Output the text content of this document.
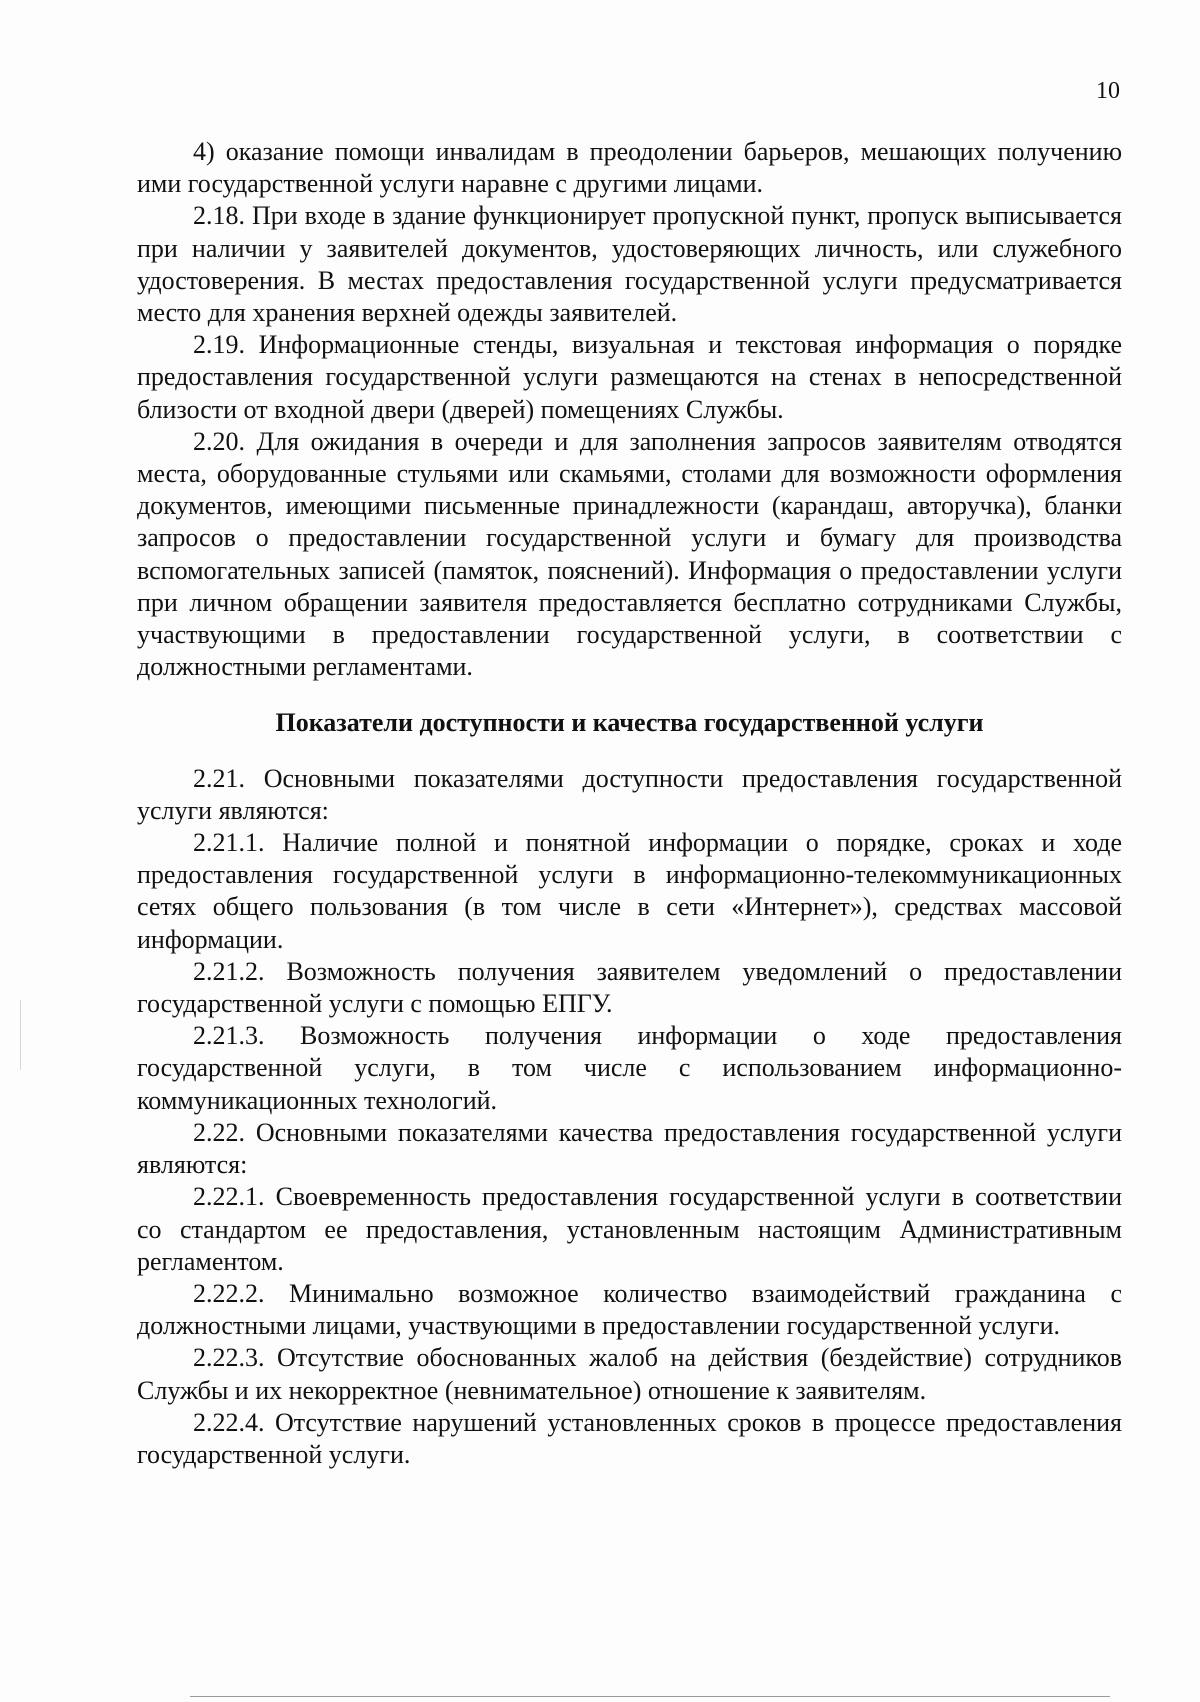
10

4) оказание помощи инвалидам в преодолении барьеров, мешающих получению ими государственной услуги наравне с другими лицами.

2.18. При входе в здание функционирует пропускной пункт, пропуск выписывается при наличии у заявителей документов, удостоверяющих личность, или служебного удостоверения. В местах предоставления государственной услуги предусматривается место для хранения верхней одежды заявителей.

2.19. Информационные стенды, визуальная и текстовая информация о порядке предоставления государственной услуги размещаются на стенах в непосредственной близости от входной двери (дверей) помещениях Службы.

2.20. Для ожидания в очереди и для заполнения запросов заявителям отводятся места, оборудованные стульями или скамьями, столами для возможности оформления документов, имеющими письменные принадлежности (карандаш, авторучка), бланки запросов о предоставлении государственной услуги и бумагу для производства вспомогательных записей (памяток, пояснений). Информация о предоставлении услуги при личном обращении заявителя предоставляется бесплатно сотрудниками Службы, участвующими в предоставлении государственной услуги, в соответствии с должностными регламентами.

Показатели доступности и качества государственной услуги

2.21. Основными показателями доступности предоставления государственной услуги являются:

2.21.1. Наличие полной и понятной информации о порядке, сроках и ходе предоставления государственной услуги в информационно-телекоммуникационных сетях общего пользования (в том числе в сети «Интернет»), средствах массовой информации.

2.21.2. Возможность получения заявителем уведомлений о предоставлении государственной услуги с помощью ЕПГУ.

2.21.3. Возможность получения информации о ходе предоставления государственной услуги, в том числе с использованием информационно-коммуникационных технологий.

2.22. Основными показателями качества предоставления государственной услуги являются:

2.22.1. Своевременность предоставления государственной услуги в соответствии со стандартом ее предоставления, установленным настоящим Административным регламентом.

2.22.2. Минимально возможное количество взаимодействий гражданина с должностными лицами, участвующими в предоставлении государственной услуги.

2.22.3. Отсутствие обоснованных жалоб на действия (бездействие) сотрудников Службы и их некорректное (невнимательное) отношение к заявителям.

2.22.4. Отсутствие нарушений установленных сроков в процессе предоставления государственной услуги.
